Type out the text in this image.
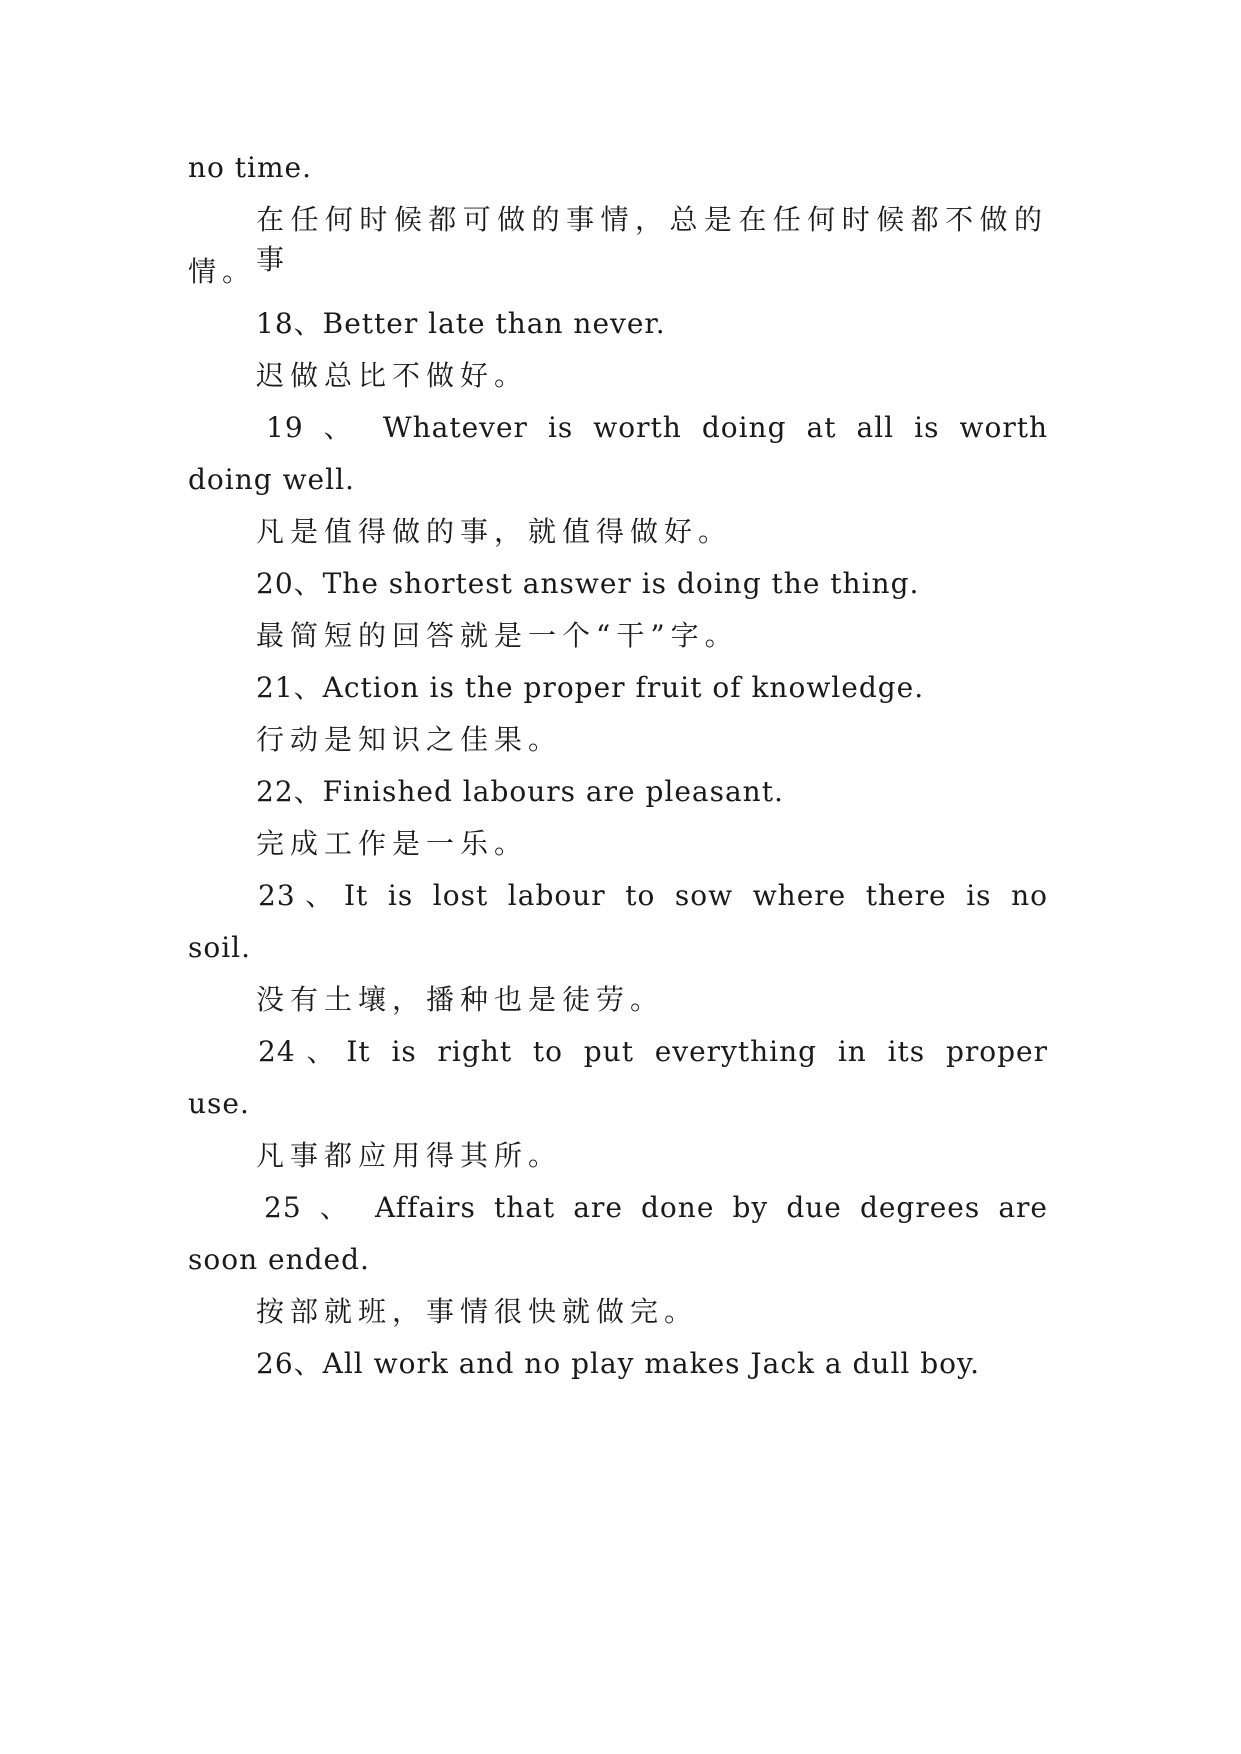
no time.
在任何时候都可做的事情，总是在任何时候都不做的事
情。
18、Better late than never.
迟做总比不做好。
19 、 Whatever is worth doing at all is worth
doing well.
凡是值得做的事，就值得做好。
20、The shortest answer is doing the thing.
最简短的回答就是一个“干”字。
21、Action is the proper fruit of knowledge.
行动是知识之佳果。
22、Finished labours are pleasant.
完成工作是一乐。
23、It is lost labour to sow where there is no
soil.
没有土壤，播种也是徒劳。
24、It is right to put everything in its proper
use.
凡事都应用得其所。
25 、 Affairs that are done by due degrees are
soon ended.
按部就班，事情很快就做完。
26、All work and no play makes Jack a dull boy.
